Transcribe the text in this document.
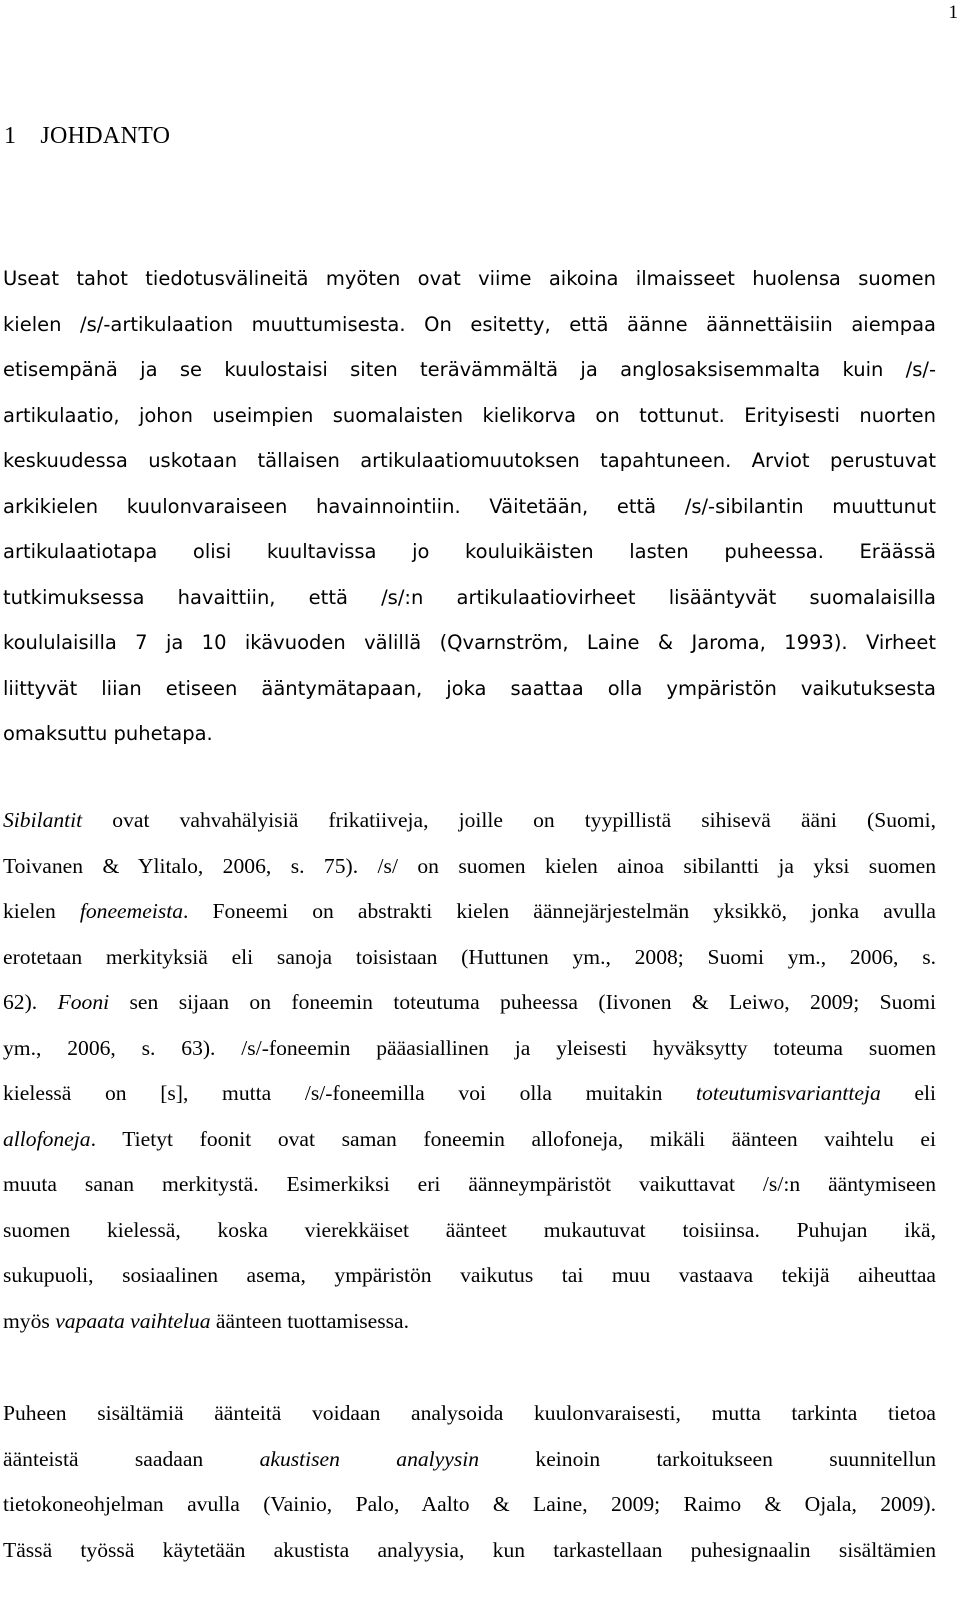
1
1 JOHDANTO
Useat tahot tiedotusvälineitä myöten ovat viime aikoina ilmaisseet huolensa suomen
kielen /s/-artikulaation muuttumisesta. On esitetty, että äänne äännettäisiin aiempaa
etisempänä ja se kuulostaisi siten terävämmältä ja anglosaksisemmalta kuin /s/-
artikulaatio, johon useimpien suomalaisten kielikorva on tottunut. Erityisesti nuorten
keskuudessa uskotaan tällaisen artikulaatiomuutoksen tapahtuneen. Arviot perustuvat
arkikielen kuulonvaraiseen havainnointiin. Väitetään, että /s/-sibilantin muuttunut
artikulaatiotapa olisi kuultavissa jo kouluikäisten lasten puheessa. Eräässä
tutkimuksessa havaittiin, että /s/:n artikulaatiovirheet lisääntyvät suomalaisilla
koululaisilla 7 ja 10 ikävuoden välillä (Qvarnström, Laine & Jaroma, 1993). Virheet
liittyvät liian etiseen ääntymätapaan, joka saattaa olla ympäristön vaikutuksesta
omaksuttu puhetapa.
Sibilantit ovat vahvahälyisiä frikatiiveja, joille on tyypillistä sihisevä ääni (Suomi,
Toivanen & Ylitalo, 2006, s. 75). /s/ on suomen kielen ainoa sibilantti ja yksi suomen
kielen foneemeista. Foneemi on abstrakti kielen äännejärjestelmän yksikkö, jonka avulla
erotetaan merkityksiä eli sanoja toisistaan (Huttunen ym., 2008; Suomi ym., 2006, s.
62). Fooni sen sijaan on foneemin toteutuma puheessa (Iivonen & Leiwo, 2009; Suomi
ym., 2006, s. 63). /s/-foneemin pääasiallinen ja yleisesti hyväksytty toteuma suomen
kielessä on [s], mutta /s/-foneemilla voi olla muitakin toteutumisvariantteja eli
allofoneja. Tietyt foonit ovat saman foneemin allofoneja, mikäli äänteen vaihtelu ei
muuta sanan merkitystä. Esimerkiksi eri äänneympäristöt vaikuttavat /s/:n ääntymiseen
suomen kielessä, koska vierekkäiset äänteet mukautuvat toisiinsa. Puhujan ikä,
sukupuoli, sosiaalinen asema, ympäristön vaikutus tai muu vastaava tekijä aiheuttaa
myös vapaata vaihtelua äänteen tuottamisessa.
Puheen sisältämiä äänteitä voidaan analysoida kuulonvaraisesti, mutta tarkinta tietoa
äänteistä saadaan akustisen analyysin keinoin tarkoitukseen suunnitellun
tietokoneohjelman avulla (Vainio, Palo, Aalto & Laine, 2009; Raimo & Ojala, 2009).
Tässä työssä käytetään akustista analyysia, kun tarkastellaan puhesignaalin sisältämien
